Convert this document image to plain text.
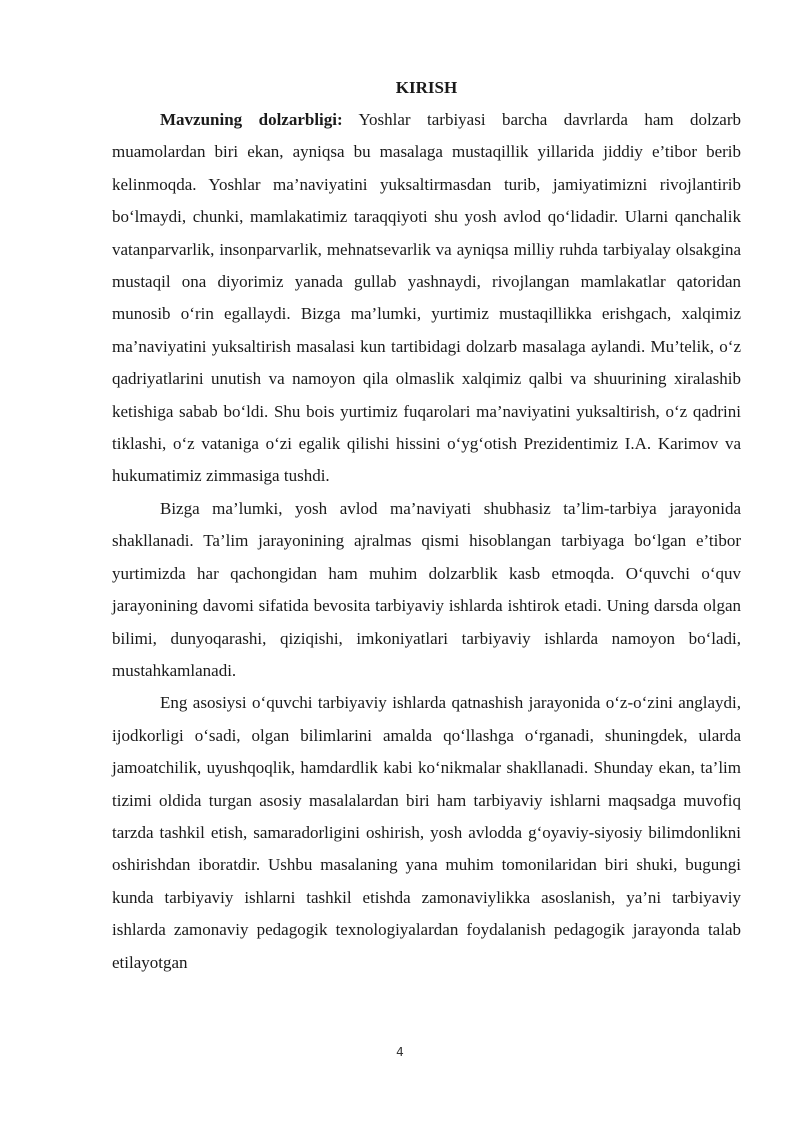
KIRISH

Mavzuning dolzarbligi: Yoshlar tarbiyasi barcha davrlarda ham dolzarb muamolardan biri ekan, ayniqsa bu masalaga mustaqillik yillarida jiddiy e’tibor berib kelinmoqda. Yoshlar ma’naviyatini yuksaltirmasdan turib, jamiyatimizni rivojlantirib bo‘lmaydi, chunki, mamlakatimiz taraqqiyoti shu yosh avlod qo‘lidadir. Ularni qanchalik vatanparvarlik, insonparvarlik, mehnatsevarlik va ayniqsa milliy ruhda tarbiyalay olsakgina mustaqil ona diyorimiz yanada gullab yashnaydi, rivojlangan mamlakatlar qatoridan munosib o‘rin egallaydi. Bizga ma’lumki, yurtimiz mustaqillikka erishgach, xalqimiz ma’naviyatini yuksaltirish masalasi kun tartibidagi dolzarb masalaga aylandi. Mu’telik, o‘z qadriyatlarini unutish va namoyon qila olmaslik xalqimiz qalbi va shuurining xiralashib ketishiga sabab bo‘ldi. Shu bois yurtimiz fuqarolari ma’naviyatini yuksaltirish, o‘z qadrini tiklashi, o‘z vataniga o‘zi egalik qilishi hissini o‘yg‘otish Prezidentimiz I.A. Karimov va hukumatimiz zimmasiga tushdi.

Bizga ma’lumki, yosh avlod ma’naviyati shubhasiz ta’lim-tarbiya jarayonida shakllanadi. Ta’lim jarayonining ajralmas qismi hisoblangan tarbiyaga bo‘lgan e’tibor yurtimizda har qachongidan ham muhim dolzarblik kasb etmoqda. O‘quvchi o‘quv jarayonining davomi sifatida bevosita tarbiyaviy ishlarda ishtirok etadi. Uning darsda olgan bilimi, dunyoqarashi, qiziqishi, imkoniyatlari tarbiyaviy ishlarda namoyon bo‘ladi, mustahkamlanadi.

Eng asosiysi o‘quvchi tarbiyaviy ishlarda qatnashish jarayonida o‘z-o‘zini anglaydi, ijodkorligi o‘sadi, olgan bilimlarini amalda qo‘llashga o‘rganadi, shuningdek, ularda jamoatchilik, uyushqoqlik, hamdardlik kabi ko‘nikmalar shakllanadi. Shunday ekan, ta’lim tizimi oldida turgan asosiy masalalardan biri ham tarbiyaviy ishlarni maqsadga muvofiq tarzda tashkil etish, samaradorligini oshirish, yosh avlodda g‘oyaviy-siyosiy bilimdonlikni oshirishdan iboratdir. Ushbu masalaning yana muhim tomonilaridan biri shuki, bugungi kunda tarbiyaviy ishlarni tashkil etishda zamonaviylikka asoslanish, ya’ni tarbiyaviy ishlarda zamonaviy pedagogik texnologiyalardan foydalanish pedagogik jarayonda talab etilayotgan

4
